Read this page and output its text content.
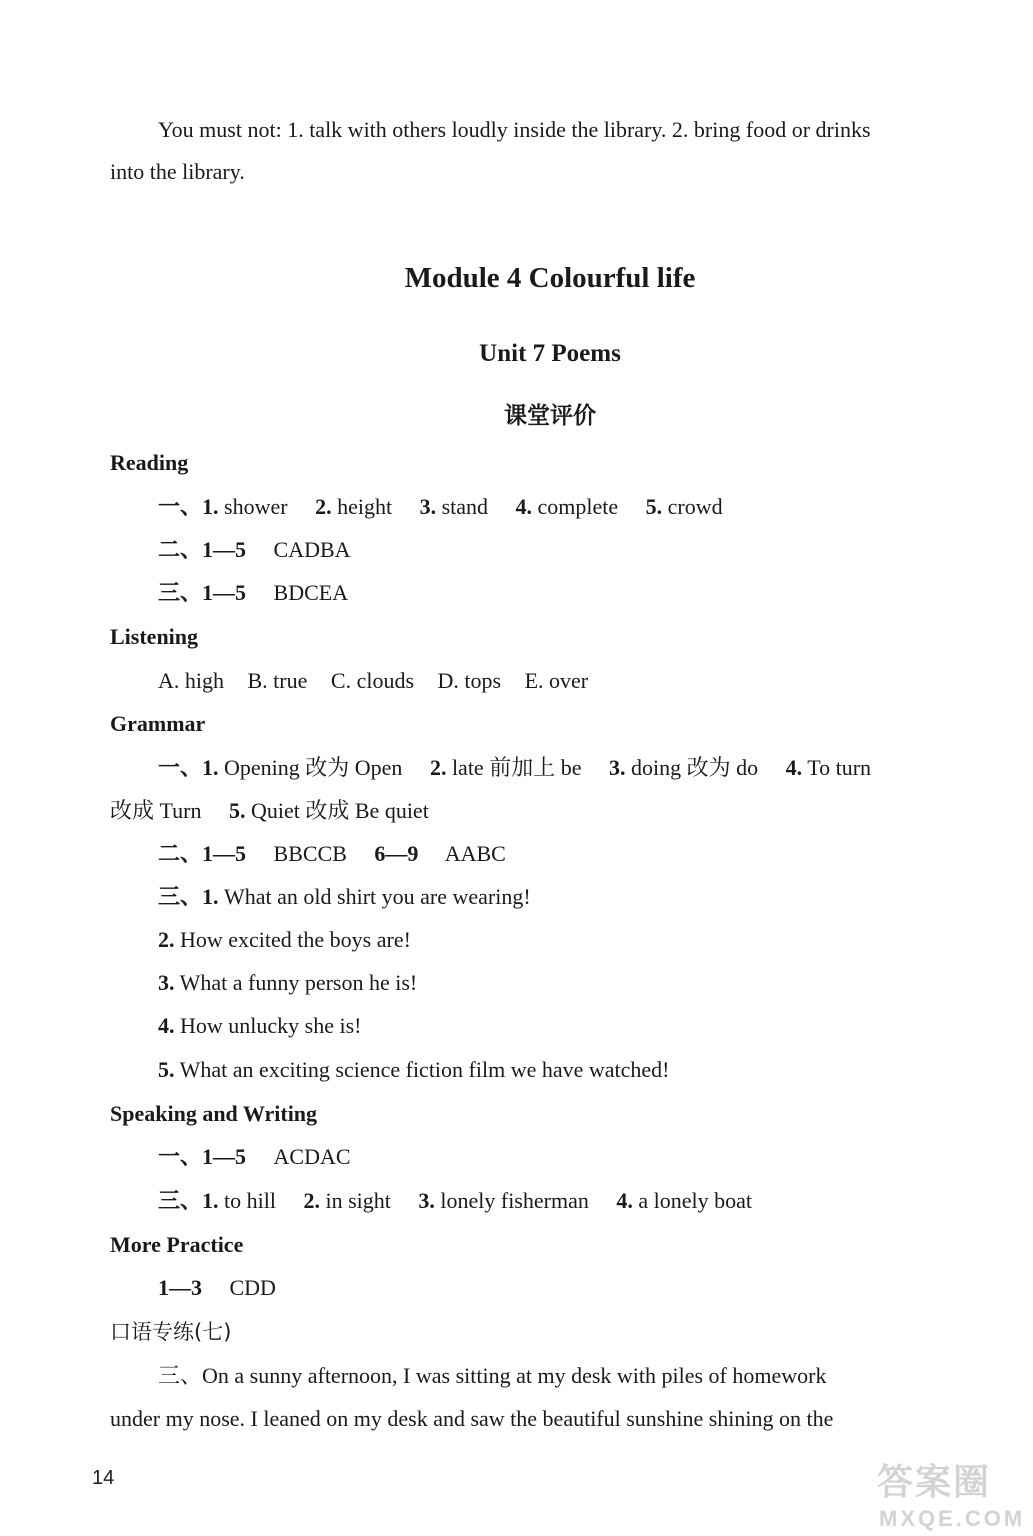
You must not: 1. talk with others loudly inside the library. 2. bring food or drinks
into the library.
Module 4 Colourful life
Unit 7 Poems
课堂评价
Reading
一、1. shower 2. height 3. stand 4. complete 5. crowd
二、1—5 CADBA
三、1—5 BDCEA
Listening
A. high B. true C. clouds D. tops E. over
Grammar
一、1. Opening 改为 Open 2. late 前加上 be 3. doing 改为 do 4. To turn
改成 Turn 5. Quiet 改成 Be quiet
二、1—5 BBCCB 6—9 AABC
三、1. What an old shirt you are wearing!
2. How excited the boys are!
3. What a funny person he is!
4. How unlucky she is!
5. What an exciting science fiction film we have watched!
Speaking and Writing
一、1—5 ACDAC
三、1. to hill 2. in sight 3. lonely fisherman 4. a lonely boat
More Practice
1—3 CDD
口语专练(七)
三、On a sunny afternoon, I was sitting at my desk with piles of homework
under my nose. I leaned on my desk and saw the beautiful sunshine shining on the
14	答案圈
MXQE.COM
